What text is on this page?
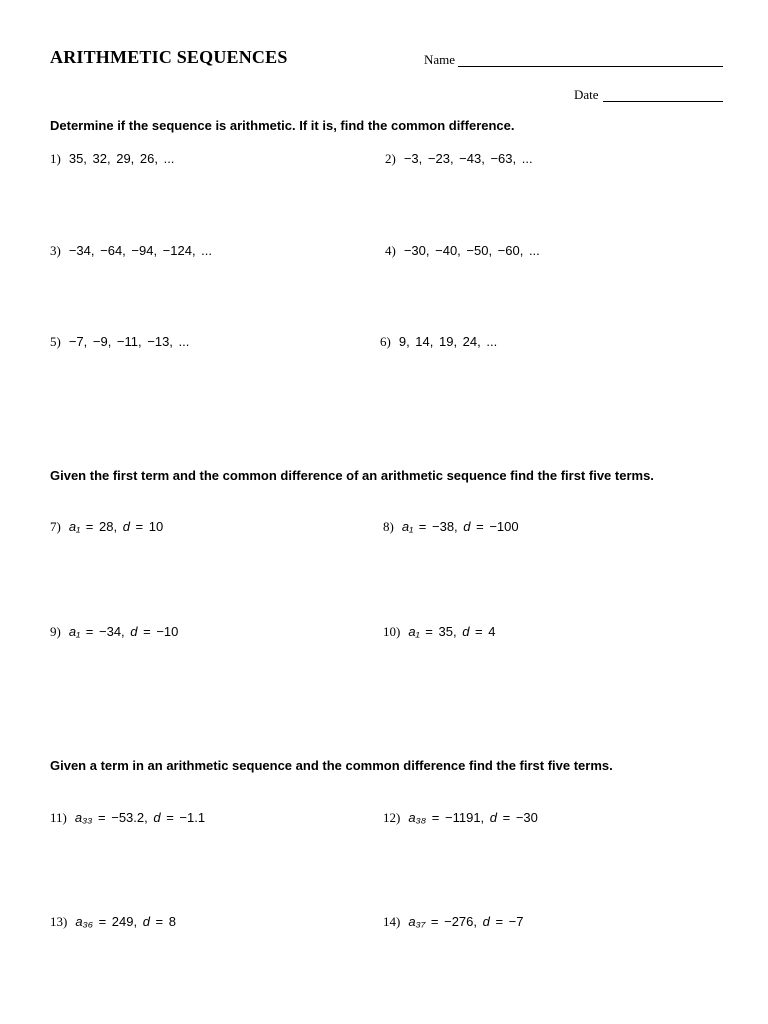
ARITHMETIC SEQUENCES	Name
Date
Determine if the sequence is arithmetic. If it is, find the common difference.
1) 35, 32, 29, 26, ...	2) −3, −23, −43, −63, ...
3) −34, −64, −94, −124, ...	4) −30, −40, −50, −60, ...
5) −7, −9, −11, −13, ...	6) 9, 14, 19, 24, ...
Given the first term and the common difference of an arithmetic sequence find the first five terms.
7) a₁ = 28, d = 10	8) a₁ = −38, d = −100
9) a₁ = −34, d = −10	10) a₁ = 35, d = 4
Given a term in an arithmetic sequence and the common difference find the first five terms.
11) a₃₃ = −53.2, d = −1.1	12) a₃₈ = −1191, d = −30
13) a₃₆ = 249, d = 8	14) a₃₇ = −276, d = −7
